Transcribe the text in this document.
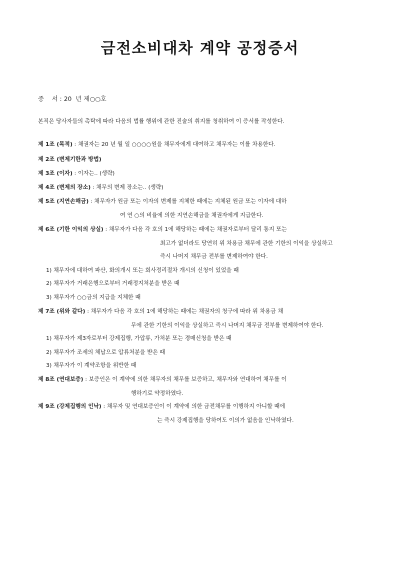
금전소비대차 계약 공정증서
증    서 : 20  년 제○○호
본직은 당사자들의 촉탁에 따라 다음의 법률 행위에 관한 진술의 취지를 청취하여 이 증서를 작성한다.
제 1조 (목적) : 채권자는 20 년 월 일 ○○○○원을 채무자에게 대여하고 채무자는 이를 차용한다.
제 2조 (변제기한과 방법)
제 3조 (이자) : 이자는.. (생략)
제 4조 (변제의 장소) : 채무의 변제 장소는.. (생략)
제 5조 (지연손해금) : 채무자가 원금 또는 이자의 변제를 지체한 때에는 지체된 원금 또는 이자에 대하
여 연 ○의 비율에 의한 지연손해금을 채권자에게 지급한다.
제 6조 (기한 이익의 상실) : 채무자가 다음 각 호의 1에 해당하는 때에는 채권자로부터 달리 통지 또는
최고가 없더라도 당연히 위 차용금 채무에 관한 기한의 이익을 상실하고
즉시 나머지 채무금 전부를 변제하여야 한다.
1) 채무자에 대하여 파산, 화의개시 또는 회사정리절차 개시의 신청이 있었을 때
2) 채무자가 거래은행으로부터 거래정지처분을 받은 때
3) 채무자가 ○○금의 지급을 지체한 때
제 7조 (위와 같다) : 채무자가 다음 각 호의 1에 해당하는 때에는 채권자의 청구에 따라 위 차용금 채
무에 관한 기한의 이익을 상실하고 즉시 나머지 채무금 전부를 변제하여야 한다.
1) 채무자가 제3자로부터 강제집행, 가압류, 가처분 또는 경매신청을 받은 때
2) 채무자가 조세의 체납으로 압류처분을 받은 때
3) 채무자가 이 계약조항을 위반한 때
제 8조 (연대보증) : 보증인은 이 계약에 의한 채무자의 채무를 보증하고, 채무자와 연대하여 채무를 이
행하기로 약정하였다.
제 9조 (강제집행의 인낙) : 채무자 및 연대보증인이 이 계약에 의한 금전채무를 이행하지 아니할 때에
는 즉시 강제집행을 당하여도 이의가 없음을 인낙하였다.
